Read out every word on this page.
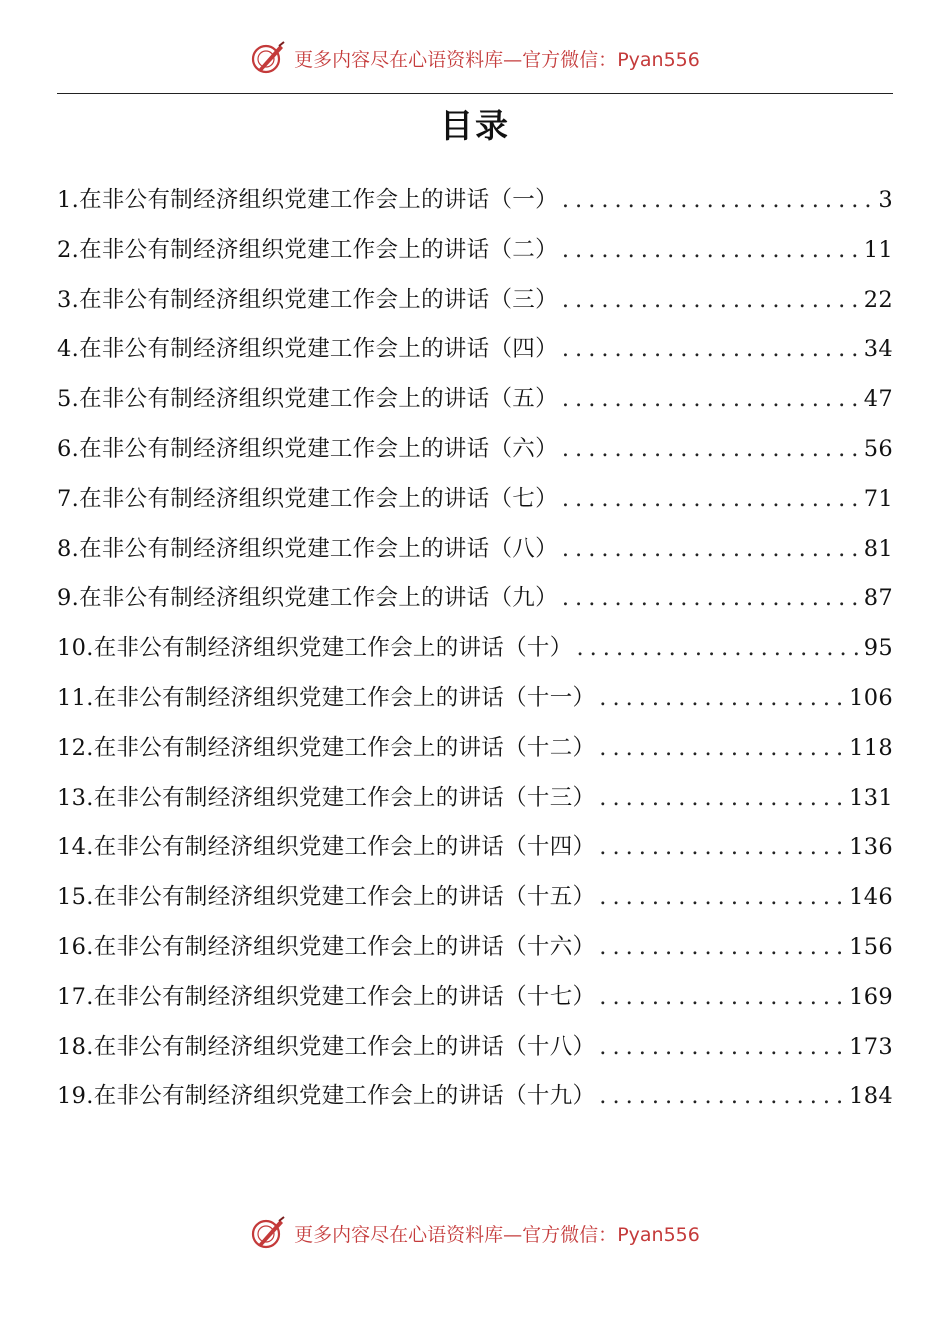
更多内容尽在心语资料库—官方微信：Pyan556
目录
1. 在非公有制经济组织党建工作会上的讲话（一） .....	3
2. 在非公有制经济组织党建工作会上的讲话（二） .....	11
3. 在非公有制经济组织党建工作会上的讲话（三） .....	22
4. 在非公有制经济组织党建工作会上的讲话（四） .....	34
5. 在非公有制经济组织党建工作会上的讲话（五） .....	47
6. 在非公有制经济组织党建工作会上的讲话（六） .....	56
7. 在非公有制经济组织党建工作会上的讲话（七） .....	71
8. 在非公有制经济组织党建工作会上的讲话（八） .....	81
9. 在非公有制经济组织党建工作会上的讲话（九） .....	87
10. 在非公有制经济组织党建工作会上的讲话（十） .....	95
11. 在非公有制经济组织党建工作会上的讲话（十一） .....	106
12. 在非公有制经济组织党建工作会上的讲话（十二） .....	118
13. 在非公有制经济组织党建工作会上的讲话（十三） .....	131
14. 在非公有制经济组织党建工作会上的讲话（十四） .....	136
15. 在非公有制经济组织党建工作会上的讲话（十五） .....	146
16. 在非公有制经济组织党建工作会上的讲话（十六） .....	156
17. 在非公有制经济组织党建工作会上的讲话（十七） .....	169
18. 在非公有制经济组织党建工作会上的讲话（十八） .....	173
19. 在非公有制经济组织党建工作会上的讲话（十九） .....	184
更多内容尽在心语资料库—官方微信：Pyan556
